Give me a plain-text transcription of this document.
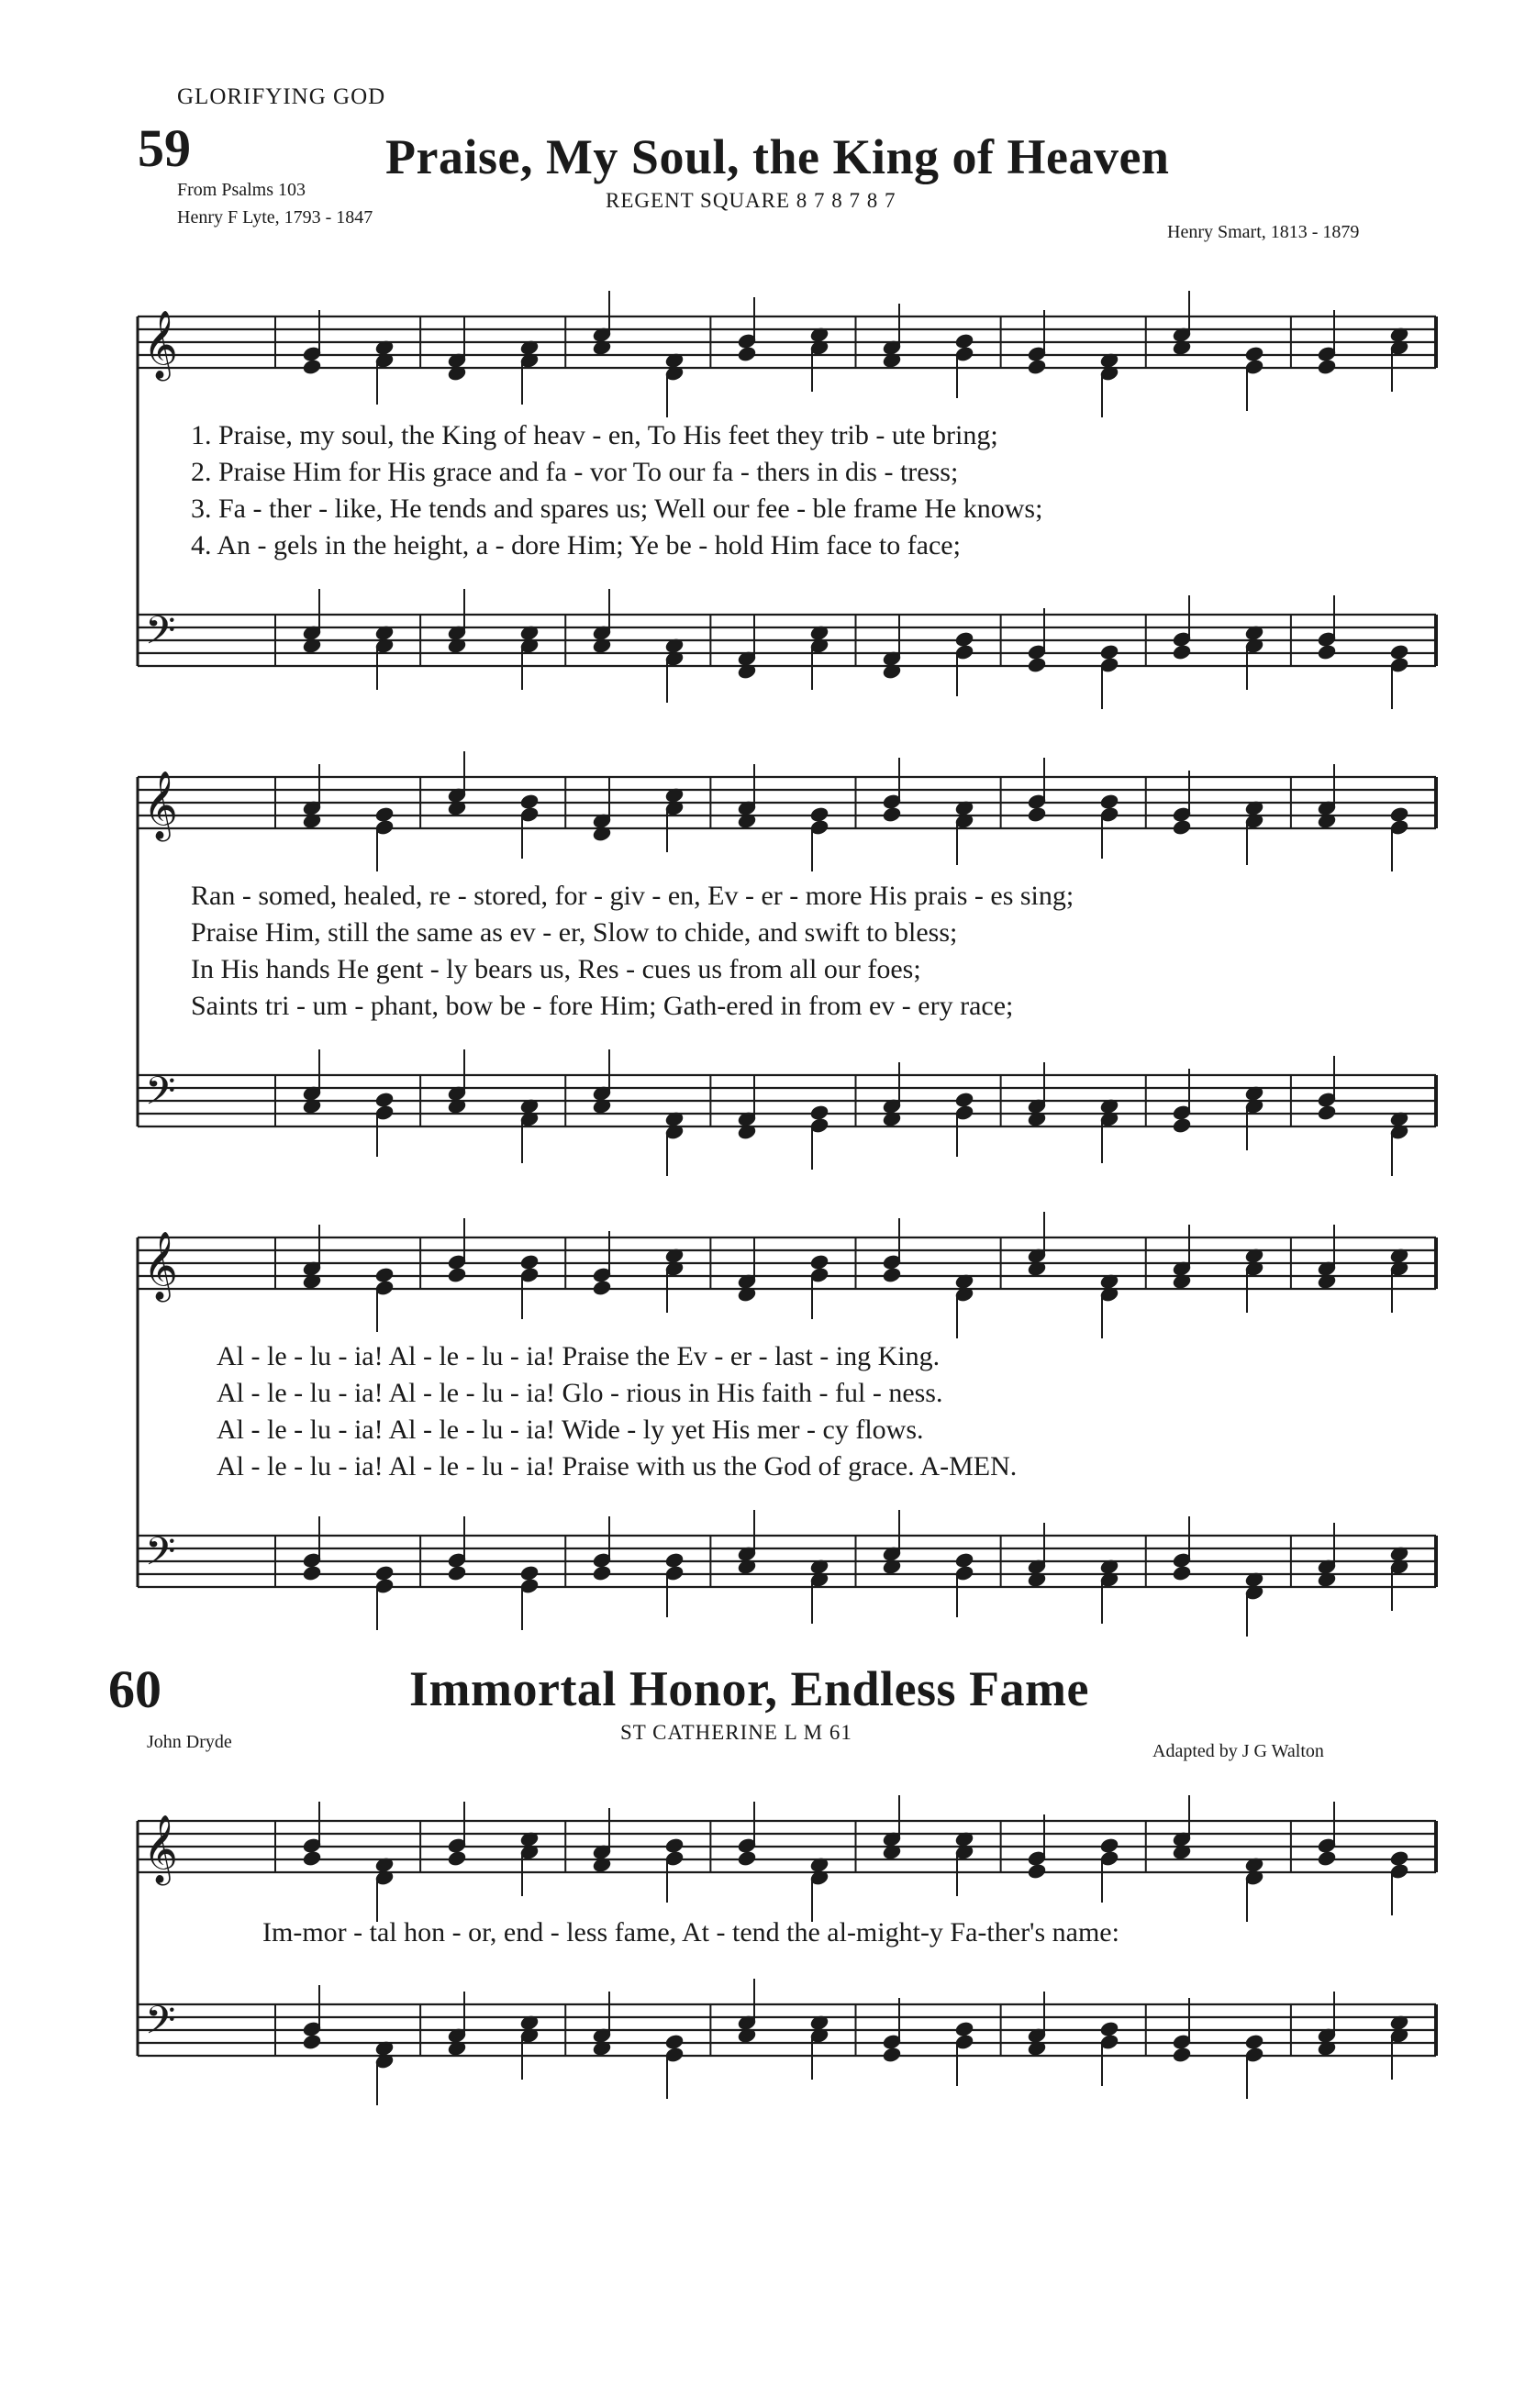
GLORIFYING GOD
59	Praise, My Soul, the King of Heaven
From Psalms 103
Henry F Lyte, 1793 - 1847
REGENT SQUARE 8 7 8 7 8 7
Henry Smart, 1813 - 1879
𝄞
𝄢
𝄞
𝄢
𝄞
𝄢
𝄞
𝄢
1. Praise, my soul, the King of heav - en, To His feet they trib - ute bring;
2. Praise Him for His grace and fa - vor To our fa - thers in dis - tress;
3. Fa - ther - like, He tends and spares us; Well our fee - ble frame He knows;
4. An - gels in the height, a - dore Him; Ye be - hold Him face to face;
Ran - somed, healed, re - stored, for - giv - en, Ev - er - more His prais - es sing;
Praise Him, still the same as ev - er, Slow to chide, and swift to bless;
In His hands He gent - ly bears us, Res - cues us from all our foes;
Saints tri - um - phant, bow be - fore Him; Gath-ered in from ev - ery race;
Al - le - lu - ia! Al - le - lu - ia! Praise the Ev - er - last - ing King.
Al - le - lu - ia! Al - le - lu - ia! Glo - rious in His faith - ful - ness.
Al - le - lu - ia! Al - le - lu - ia! Wide - ly yet His mer - cy flows.
Al - le - lu - ia! Al - le - lu - ia! Praise with us the God of grace. A-MEN.
60	Immortal Honor, Endless Fame
John Dryde	ST CATHERINE L M 61
Adapted by J G Walton
Im-mor - tal hon - or, end - less fame, At - tend the al-might-y Fa-ther's name:
